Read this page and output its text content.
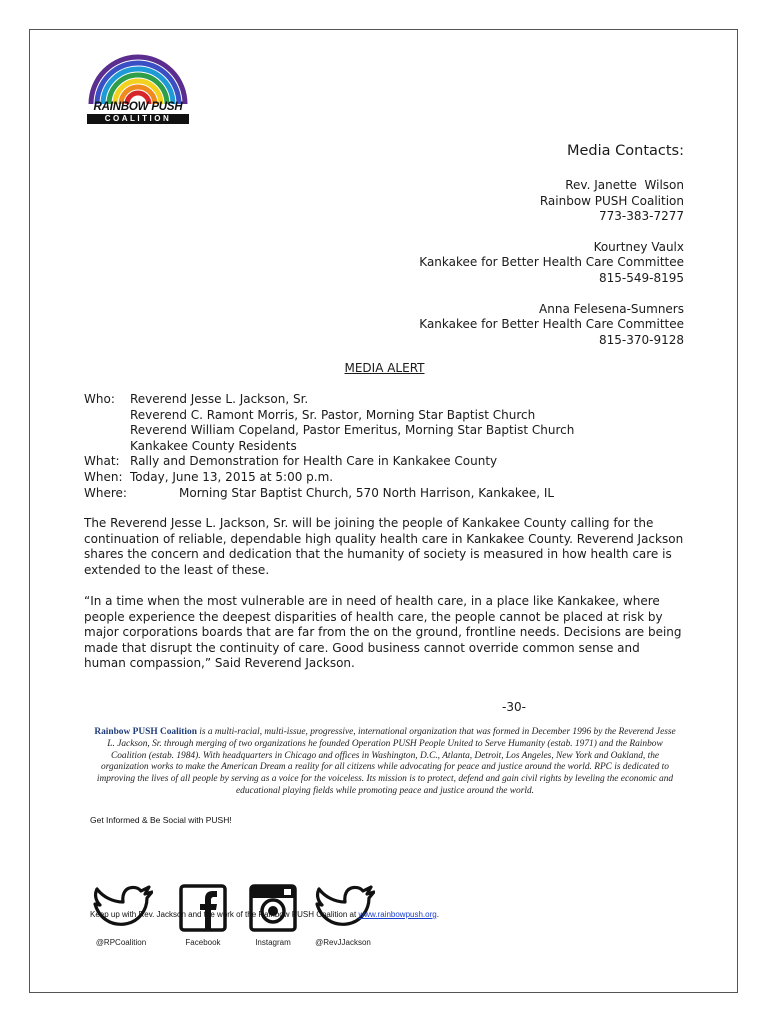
RAINBOW PUSH
COALITION
Media Contacts:
Rev. Janette  Wilson
Rainbow PUSH Coalition
773-383-7277
Kourtney Vaulx
Kankakee for Better Health Care Committee
815-549-8195
Anna Felesena-Sumners
Kankakee for Better Health Care Committee
815-370-9128
MEDIA ALERT
Who:	Reverend Jesse L. Jackson, Sr.
Reverend C. Ramont Morris, Sr. Pastor, Morning Star Baptist Church
Reverend William Copeland, Pastor Emeritus, Morning Star Baptist Church
Kankakee County Residents
What: Rally and Demonstration for Health Care in Kankakee County
When: Today, June 13, 2015 at 5:00 p.m.
Where:	Morning Star Baptist Church, 570 North Harrison, Kankakee, IL

The Reverend Jesse L. Jackson, Sr. will be joining the people of Kankakee County calling for the continuation of reliable, dependable high quality health care in Kankakee County. Reverend Jackson shares the concern and dedication that the humanity of society is measured in how health care is extended to the least of these.

“In a time when the most vulnerable are in need of health care, in a place like Kankakee, where people experience the deepest disparities of health care, the people cannot be placed at risk by major corporations boards that are far from the on the ground, frontline needs. Decisions are being made that disrupt the continuity of care. Good business cannot override common sense and human compassion,” Said Reverend Jackson.

-30-

Rainbow PUSH Coalition is a multi-racial, multi-issue, progressive, international organization that was formed in December 1996 by the Reverend Jesse L. Jackson, Sr. through merging of two organizations he founded Operation PUSH People United to Serve Humanity (estab. 1971) and the Rainbow Coalition (estab. 1984). With headquarters in Chicago and offices in Washington, D.C., Atlanta, Detroit, Los Angeles, New York and Oakland, the organization works to make the American Dream a reality for all citizens while advocating for peace and justice around the world. RPC is dedicated to improving the lives of all people by serving as a voice for the voiceless. Its mission is to protect, defend and gain civil rights by leveling the economic and educational playing fields while promoting peace and justice around the world.

Get Informed & Be Social with PUSH!
@RPCoalition	Facebook	Instagram	@RevJJackson
Keep up with Rev. Jackson and the work of the Rainbow PUSH Coalition at www.rainbowpush.org.
